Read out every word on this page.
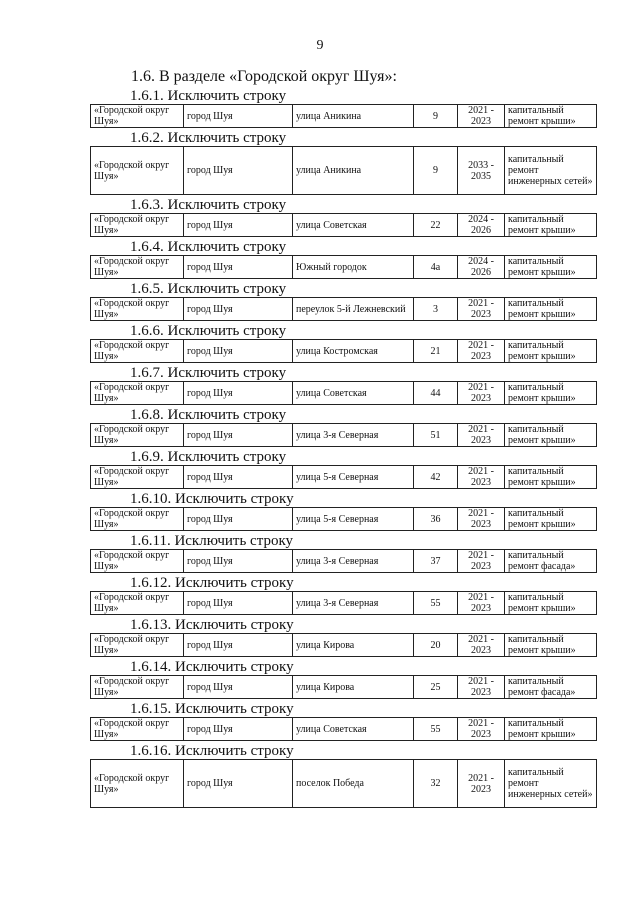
9
1.6. В разделе «Городской округ Шуя»:
1.6.1. Исключить строку
«Городской округ Шуя»	город Шуя	улица Аникина	9	2021 - 2023	капитальный ремонт крыши»
1.6.2. Исключить строку
«Городской округ Шуя»	город Шуя	улица Аникина	9	2033 - 2035	капитальный ремонт инженерных сетей»
1.6.3. Исключить строку
«Городской округ Шуя»	город Шуя	улица Советская	22	2024 - 2026	капитальный ремонт крыши»
1.6.4. Исключить строку
«Городской округ Шуя»	город Шуя	Южный городок	4а	2024 - 2026	капитальный ремонт крыши»
1.6.5. Исключить строку
«Городской округ Шуя»	город Шуя	переулок 5-й Лежневский	3	2021 - 2023	капитальный ремонт крыши»
1.6.6. Исключить строку
«Городской округ Шуя»	город Шуя	улица Костромская	21	2021 - 2023	капитальный ремонт крыши»
1.6.7. Исключить строку
«Городской округ Шуя»	город Шуя	улица Советская	44	2021 - 2023	капитальный ремонт крыши»
1.6.8. Исключить строку
«Городской округ Шуя»	город Шуя	улица 3-я Северная	51	2021 - 2023	капитальный ремонт крыши»
1.6.9. Исключить строку
«Городской округ Шуя»	город Шуя	улица 5-я Северная	42	2021 - 2023	капитальный ремонт крыши»
1.6.10. Исключить строку
«Городской округ Шуя»	город Шуя	улица 5-я Северная	36	2021 - 2023	капитальный ремонт крыши»
1.6.11. Исключить строку
«Городской округ Шуя»	город Шуя	улица 3-я Северная	37	2021 - 2023	капитальный ремонт фасада»
1.6.12. Исключить строку
«Городской округ Шуя»	город Шуя	улица 3-я Северная	55	2021 - 2023	капитальный ремонт крыши»
1.6.13. Исключить строку
«Городской округ Шуя»	город Шуя	улица Кирова	20	2021 - 2023	капитальный ремонт крыши»
1.6.14. Исключить строку
«Городской округ Шуя»	город Шуя	улица Кирова	25	2021 - 2023	капитальный ремонт фасада»
1.6.15. Исключить строку
«Городской округ Шуя»	город Шуя	улица Советская	55	2021 - 2023	капитальный ремонт крыши»
1.6.16. Исключить строку
«Городской округ Шуя»	город Шуя	поселок Победа	32	2021 - 2023	капитальный ремонт инженерных сетей»
